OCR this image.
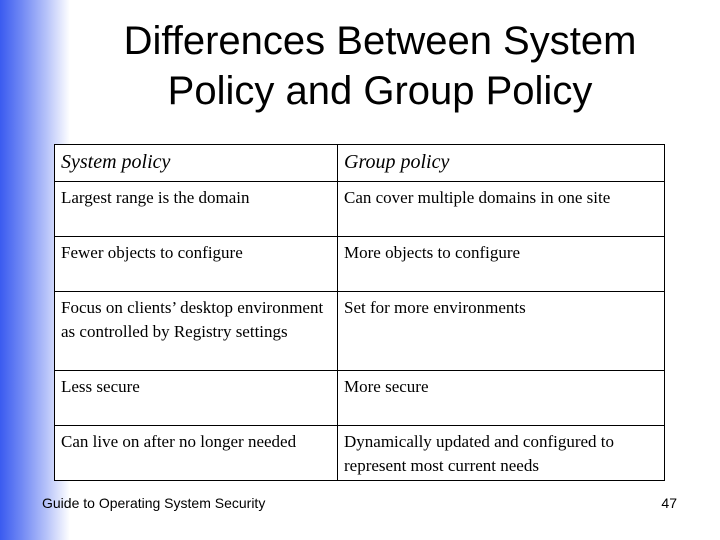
Differences Between System
Policy and Group Policy
System policy	Group policy
Largest range is the domain	Can cover multiple domains in one site
Fewer objects to configure	More objects to configure
Focus on clients’ desktop environment as controlled by Registry settings	Set for more environments
Less secure	More secure
Can live on after no longer needed	Dynamically updated and configured to represent most current needs
Guide to Operating System Security	47
